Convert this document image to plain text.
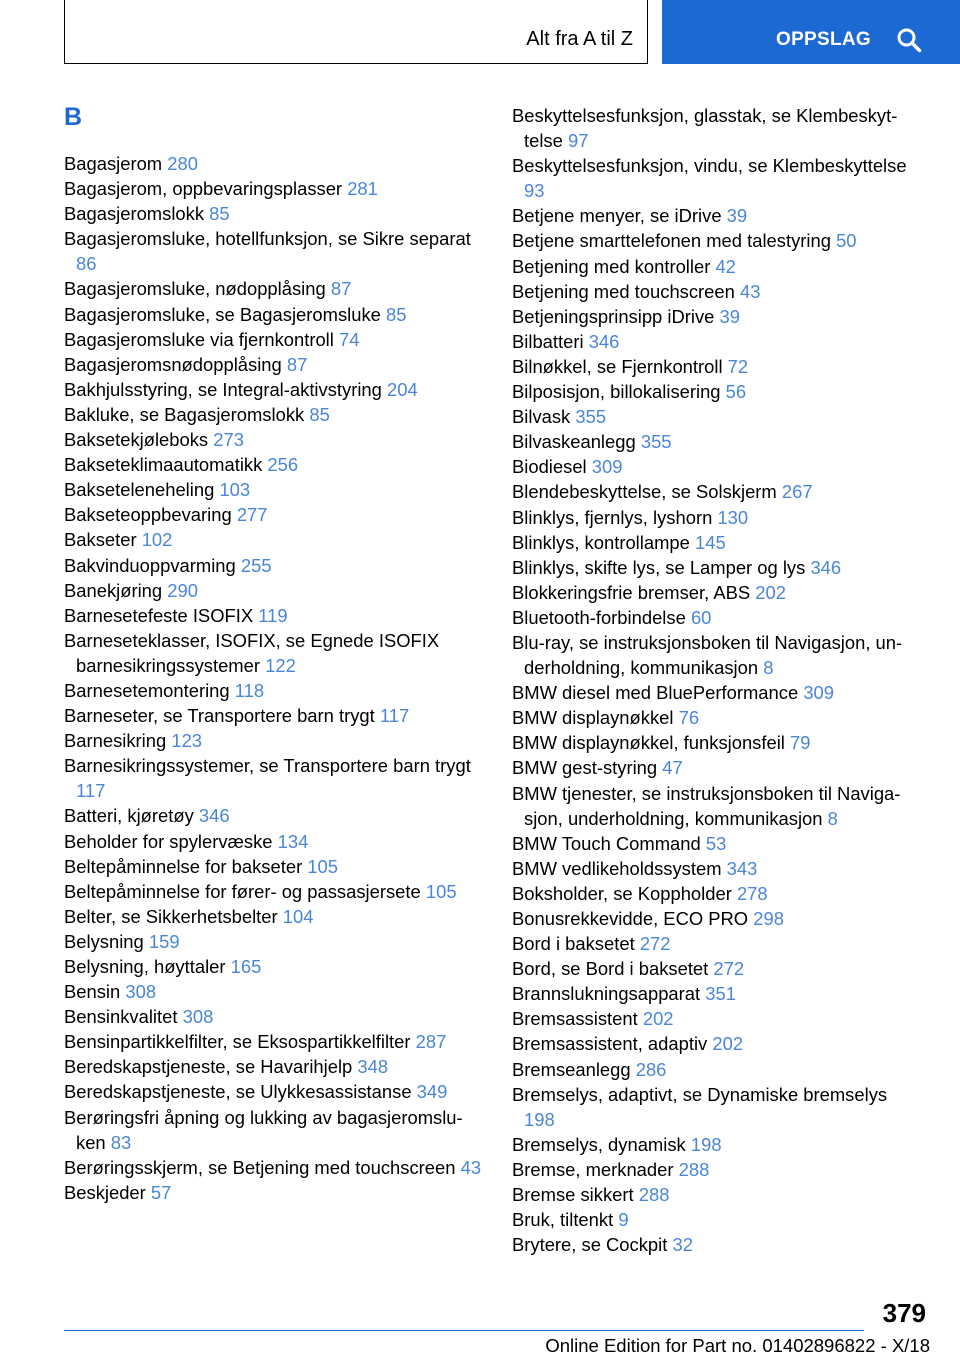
Alt fra A til Z	OPPSLAG
B
Bagasjerom 280
Bagasjerom, oppbevaringsplasser 281
Bagasjeromslokk 85
Bagasjeromsluke, hotellfunksjon, se Sikre separat 86
Bagasjeromsluke, nødopplåsing 87
Bagasjeromsluke, se Bagasjeromsluke 85
Bagasjeromsluke via fjernkontroll 74
Bagasjeromsnødopplåsing 87
Bakhjulsstyring, se Integral-aktivstyring 204
Bakluke, se Bagasjeromslokk 85
Baksetekjøleboks 273
Bakseteklimaautomatikk 256
Bakseteleneheling 103
Bakseteoppbevaring 277
Bakseter 102
Bakvinduoppvarming 255
Banekjøring 290
Barnesetefeste ISOFIX 119
Barneseteklasser, ISOFIX, se Egnede ISOFIX barnesikringssystemer 122
Barnesetemontering 118
Barneseter, se Transportere barn trygt 117
Barnesikring 123
Barnesikringssystemer, se Transportere barn trygt 117
Batteri, kjøretøy 346
Beholder for spylervæske 134
Beltepåminnelse for bakseter 105
Beltepåminnelse for fører- og passasjersete 105
Belter, se Sikkerhetsbelter 104
Belysning 159
Belysning, høyttaler 165
Bensin 308
Bensinkvalitet 308
Bensinpartikkelfilter, se Eksospartikkelfilter 287
Beredskapstjeneste, se Havarihjelp 348
Beredskapstjeneste, se Ulykkesassistanse 349
Berøringsfri åpning og lukking av bagasjeromsluken 83
Berøringsskjerm, se Betjening med touchscreen 43
Beskjeder 57
Beskyttelsesfunksjon, glasstak, se Klembeskyttelse 97
Beskyttelsesfunksjon, vindu, se Klembeskyttelse 93
Betjene menyer, se iDrive 39
Betjene smarttelefonen med talestyring 50
Betjening med kontroller 42
Betjening med touchscreen 43
Betjeningsprinsipp iDrive 39
Bilbatteri 346
Bilnøkkel, se Fjernkontroll 72
Bilposisjon, billokalisering 56
Bilvask 355
Bilvaskeanlegg 355
Biodiesel 309
Blendebeskyttelse, se Solskjerm 267
Blinklys, fjernlys, lyshorn 130
Blinklys, kontrollampe 145
Blinklys, skifte lys, se Lamper og lys 346
Blokkeringsfrie bremser, ABS 202
Bluetooth-forbindelse 60
Blu-ray, se instruksjonsboken til Navigasjon, underholdning, kommunikasjon 8
BMW diesel med BluePerformance 309
BMW displaynøkkel 76
BMW displaynøkkel, funksjonsfeil 79
BMW gest-styring 47
BMW tjenester, se instruksjonsboken til Navigasjon, underholdning, kommunikasjon 8
BMW Touch Command 53
BMW vedlikeholdssystem 343
Boksholder, se Koppholder 278
Bonusrekkevidde, ECO PRO 298
Bord i baksetet 272
Bord, se Bord i baksetet 272
Brannslukningsapparat 351
Bremsassistent 202
Bremsassistent, adaptiv 202
Bremseanlegg 286
Bremselys, adaptivt, se Dynamiske bremselys 198
Bremselys, dynamisk 198
Bremse, merknader 288
Bremse sikkert 288
Bruk, tiltenkt 9
Brytere, se Cockpit 32
379
Online Edition for Part no. 01402896822 - X/18
